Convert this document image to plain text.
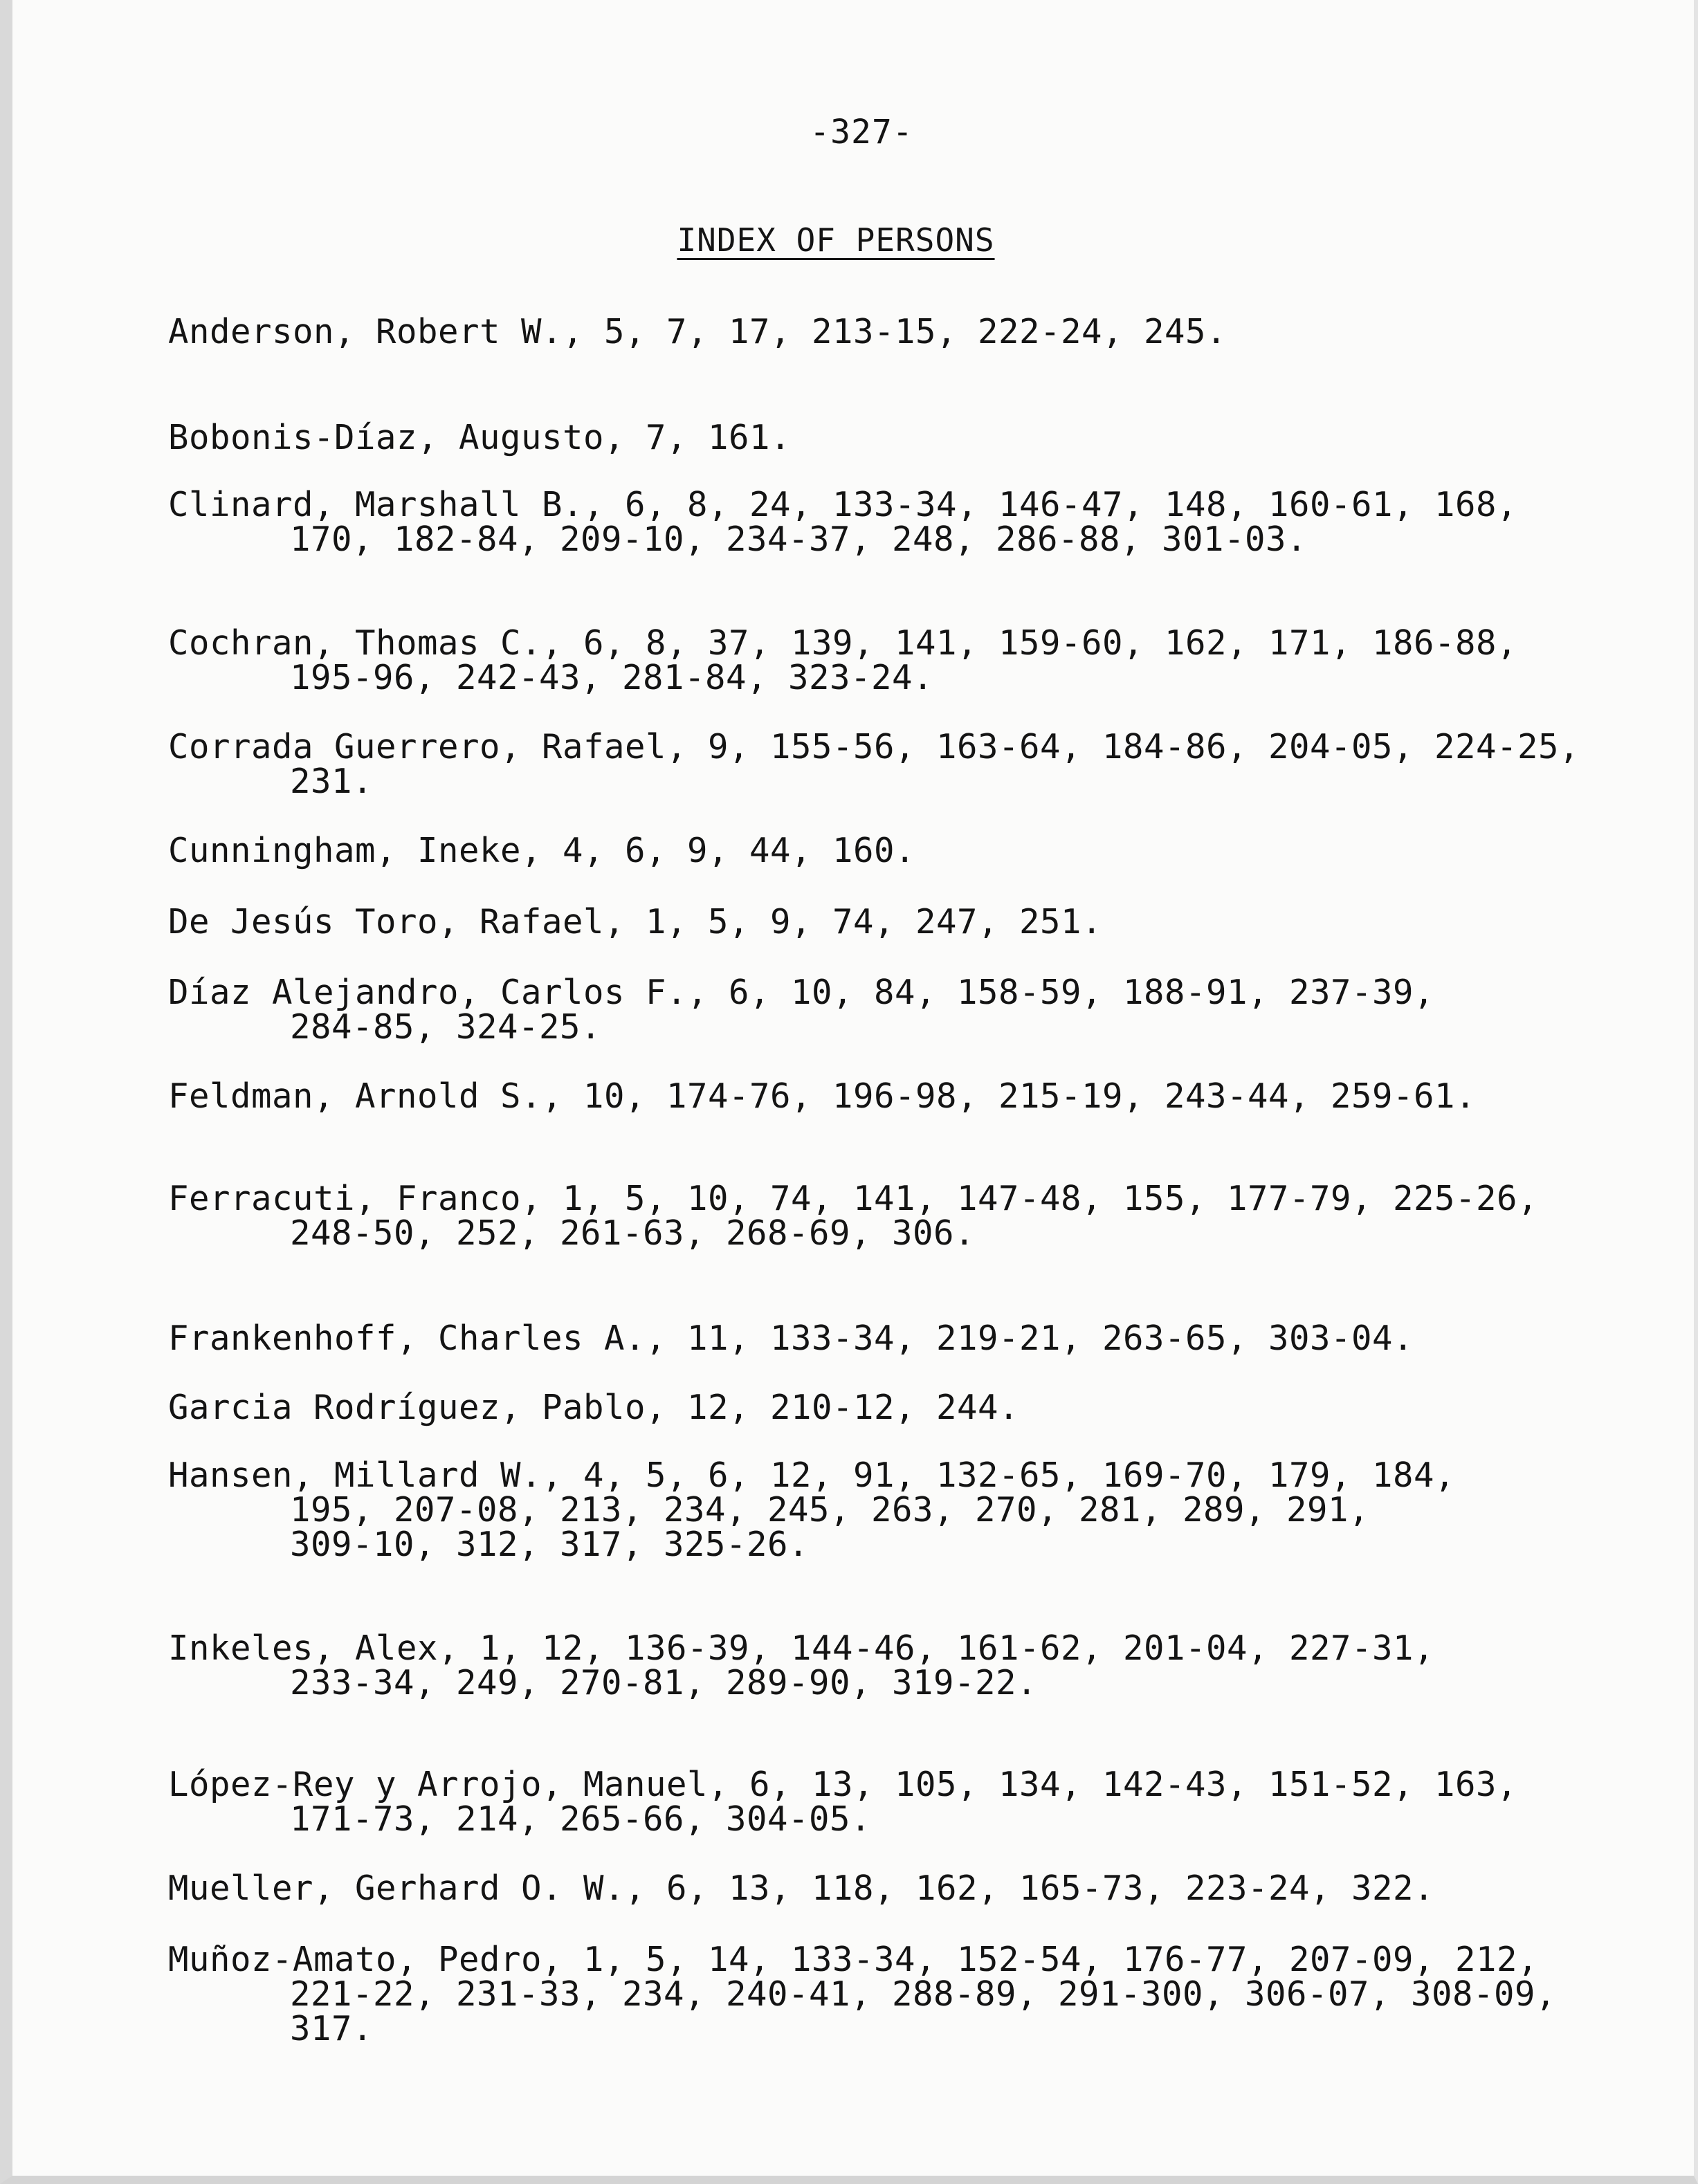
-327-
INDEX OF PERSONS
Anderson, Robert W., 5, 7, 17, 213-15, 222-24, 245.
Bobonis-Díaz, Augusto, 7, 161.
Clinard, Marshall B., 6, 8, 24, 133-34, 146-47, 148, 160-61, 168,
170, 182-84, 209-10, 234-37, 248, 286-88, 301-03.
Cochran, Thomas C., 6, 8, 37, 139, 141, 159-60, 162, 171, 186-88,
195-96, 242-43, 281-84, 323-24.
Corrada Guerrero, Rafael, 9, 155-56, 163-64, 184-86, 204-05, 224-25,
231.
Cunningham, Ineke, 4, 6, 9, 44, 160.
De Jesús Toro, Rafael, 1, 5, 9, 74, 247, 251.
Díaz Alejandro, Carlos F., 6, 10, 84, 158-59, 188-91, 237-39,
284-85, 324-25.
Feldman, Arnold S., 10, 174-76, 196-98, 215-19, 243-44, 259-61.
Ferracuti, Franco, 1, 5, 10, 74, 141, 147-48, 155, 177-79, 225-26,
248-50, 252, 261-63, 268-69, 306.
Frankenhoff, Charles A., 11, 133-34, 219-21, 263-65, 303-04.
Garcia Rodríguez, Pablo, 12, 210-12, 244.
Hansen, Millard W., 4, 5, 6, 12, 91, 132-65, 169-70, 179, 184,
195, 207-08, 213, 234, 245, 263, 270, 281, 289, 291,
309-10, 312, 317, 325-26.
Inkeles, Alex, 1, 12, 136-39, 144-46, 161-62, 201-04, 227-31,
233-34, 249, 270-81, 289-90, 319-22.
López-Rey y Arrojo, Manuel, 6, 13, 105, 134, 142-43, 151-52, 163,
171-73, 214, 265-66, 304-05.
Mueller, Gerhard O. W., 6, 13, 118, 162, 165-73, 223-24, 322.
Muñoz-Amato, Pedro, 1, 5, 14, 133-34, 152-54, 176-77, 207-09, 212,
221-22, 231-33, 234, 240-41, 288-89, 291-300, 306-07, 308-09,
317.
